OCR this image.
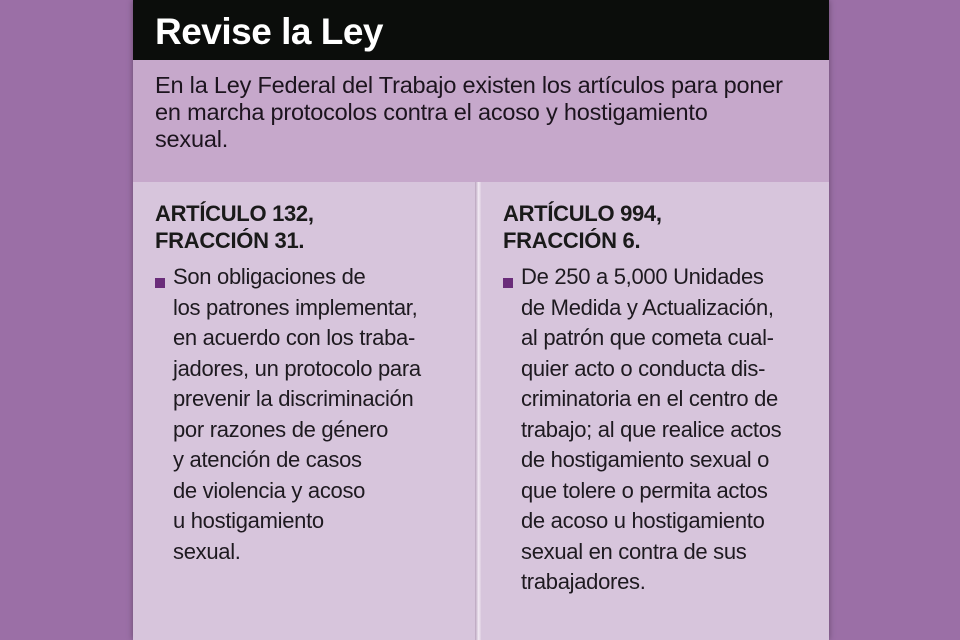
Revise la Ley

En la Ley Federal del Trabajo existen los artículos para poner
en marcha protocolos contra el acoso y hostigamiento
sexual.

ARTÍCULO 132,
FRACCIÓN 31.
Son obligaciones de
los patrones implementar,
en acuerdo con los traba-
jadores, un protocolo para
prevenir la discriminación
por razones de género
y atención de casos
de violencia y acoso
u hostigamiento
sexual.
ARTÍCULO 994,
FRACCIÓN 6.
De 250 a 5,000 Unidades
de Medida y Actualización,
al patrón que cometa cual-
quier acto o conducta dis-
criminatoria en el centro de
trabajo; al que realice actos
de hostigamiento sexual o
que tolere o permita actos
de acoso u hostigamiento
sexual en contra de sus
trabajadores.
